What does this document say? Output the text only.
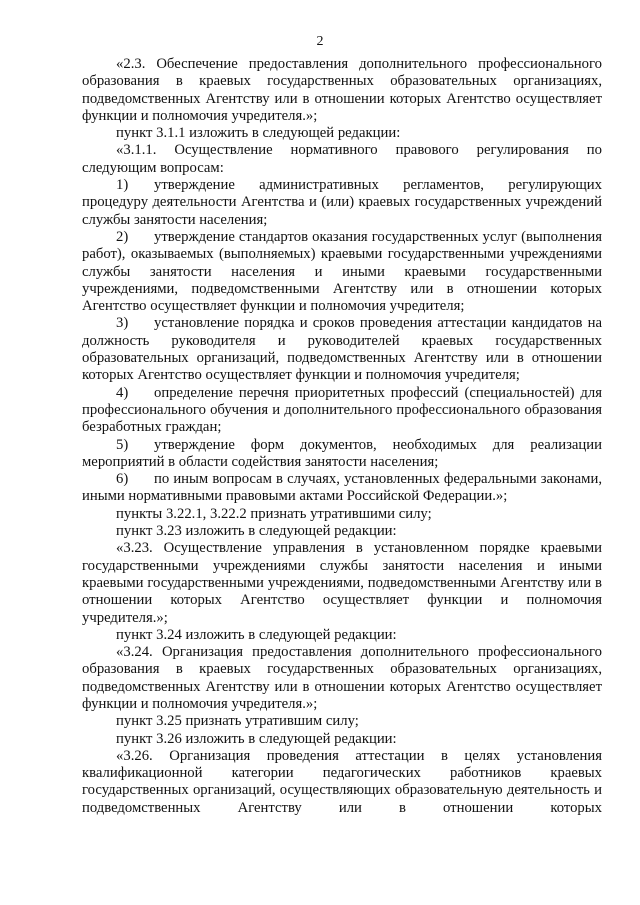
2

«2.3. Обеспечение предоставления дополнительного профессионального образования в краевых государственных образовательных организациях, подведомственных Агентству или в отношении которых Агентство осуществляет функции и полномочия учредителя.»;

пункт 3.1.1 изложить в следующей редакции:

«3.1.1. Осуществление нормативного правового регулирования по следующим вопросам:

1) утверждение административных регламентов, регулирующих процедуру деятельности Агентства и (или) краевых государственных учреждений службы занятости населения;

2) утверждение стандартов оказания государственных услуг (выполнения работ), оказываемых (выполняемых) краевыми государственными учреждениями службы занятости населения и иными краевыми государственными учреждениями, подведомственными Агентству или в отношении которых Агентство осуществляет функции и полномочия учредителя;

3) установление порядка и сроков проведения аттестации кандидатов на должность руководителя и руководителей краевых государственных образовательных организаций, подведомственных Агентству или в отношении которых Агентство осуществляет функции и полномочия учредителя;

4) определение перечня приоритетных профессий (специальностей) для профессионального обучения и дополнительного профессионального образования безработных граждан;

5) утверждение форм документов, необходимых для реализации мероприятий в области содействия занятости населения;

6) по иным вопросам в случаях, установленных федеральными законами, иными нормативными правовыми актами Российской Федерации.»;

пункты 3.22.1, 3.22.2 признать утратившими силу;

пункт 3.23 изложить в следующей редакции:

«3.23. Осуществление управления в установленном порядке краевыми государственными учреждениями службы занятости населения и иными краевыми государственными учреждениями, подведомственными Агентству или в отношении которых Агентство осуществляет функции и полномочия учредителя.»;

пункт 3.24 изложить в следующей редакции:

«3.24. Организация предоставления дополнительного профессионального образования в краевых государственных образовательных организациях, подведомственных Агентству или в отношении которых Агентство осуществляет функции и полномочия учредителя.»;

пункт 3.25 признать утратившим силу;

пункт 3.26 изложить в следующей редакции:

«3.26. Организация проведения аттестации в целях установления квалификационной категории педагогических работников краевых государственных организаций, осуществляющих образовательную деятельность и подведомственных Агентству или в отношении которых
